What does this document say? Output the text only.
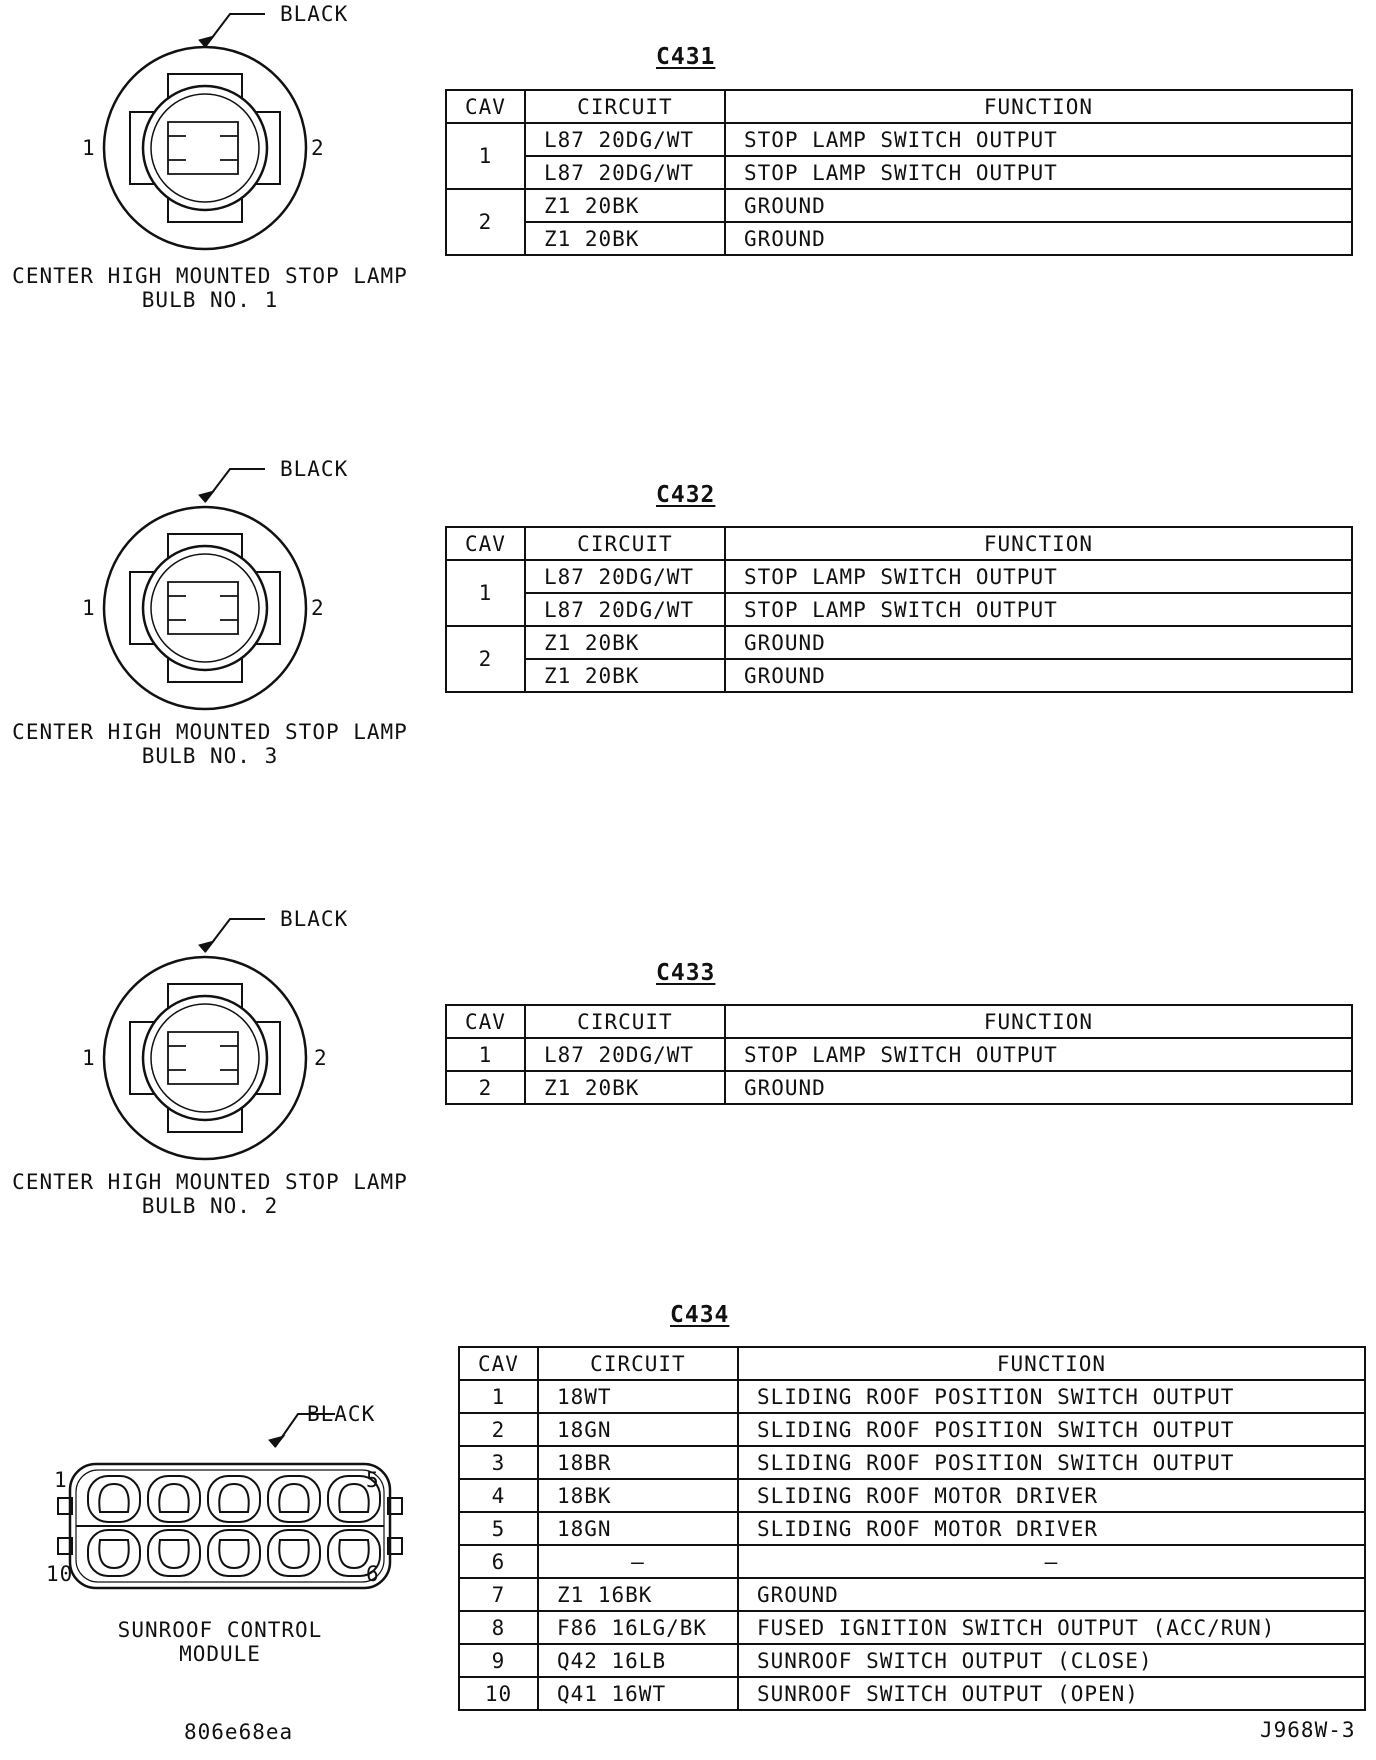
BLACK
1	2
CENTER HIGH MOUNTED STOP LAMP
BULB NO. 1
C431
CAV	CIRCUIT	FUNCTION
1	L87 20DG/WT	STOP LAMP SWITCH OUTPUT
	L87 20DG/WT	STOP LAMP SWITCH OUTPUT
2	Z1 20BK	GROUND
	Z1 20BK	GROUND
BLACK
1	2
CENTER HIGH MOUNTED STOP LAMP
BULB NO. 3
C432
CAV	CIRCUIT	FUNCTION
1	L87 20DG/WT	STOP LAMP SWITCH OUTPUT
	L87 20DG/WT	STOP LAMP SWITCH OUTPUT
2	Z1 20BK	GROUND
	Z1 20BK	GROUND
BLACK
1	2
CENTER HIGH MOUNTED STOP LAMP
BULB NO. 2
C433
CAV	CIRCUIT	FUNCTION
1	L87 20DG/WT	STOP LAMP SWITCH OUTPUT
2	Z1 20BK	GROUND
BLACK
1	5
10	6
SUNROOF CONTROL
MODULE
C434
CAV	CIRCUIT	FUNCTION
1	18WT	SLIDING ROOF POSITION SWITCH OUTPUT
2	18GN	SLIDING ROOF POSITION SWITCH OUTPUT
3	18BR	SLIDING ROOF POSITION SWITCH OUTPUT
4	18BK	SLIDING ROOF MOTOR DRIVER
5	18GN	SLIDING ROOF MOTOR DRIVER
6	–	–
7	Z1 16BK	GROUND
8	F86 16LG/BK	FUSED IGNITION SWITCH OUTPUT (ACC/RUN)
9	Q42 16LB	SUNROOF SWITCH OUTPUT (CLOSE)
10	Q41 16WT	SUNROOF SWITCH OUTPUT (OPEN)
806e68ea	J968W-3
